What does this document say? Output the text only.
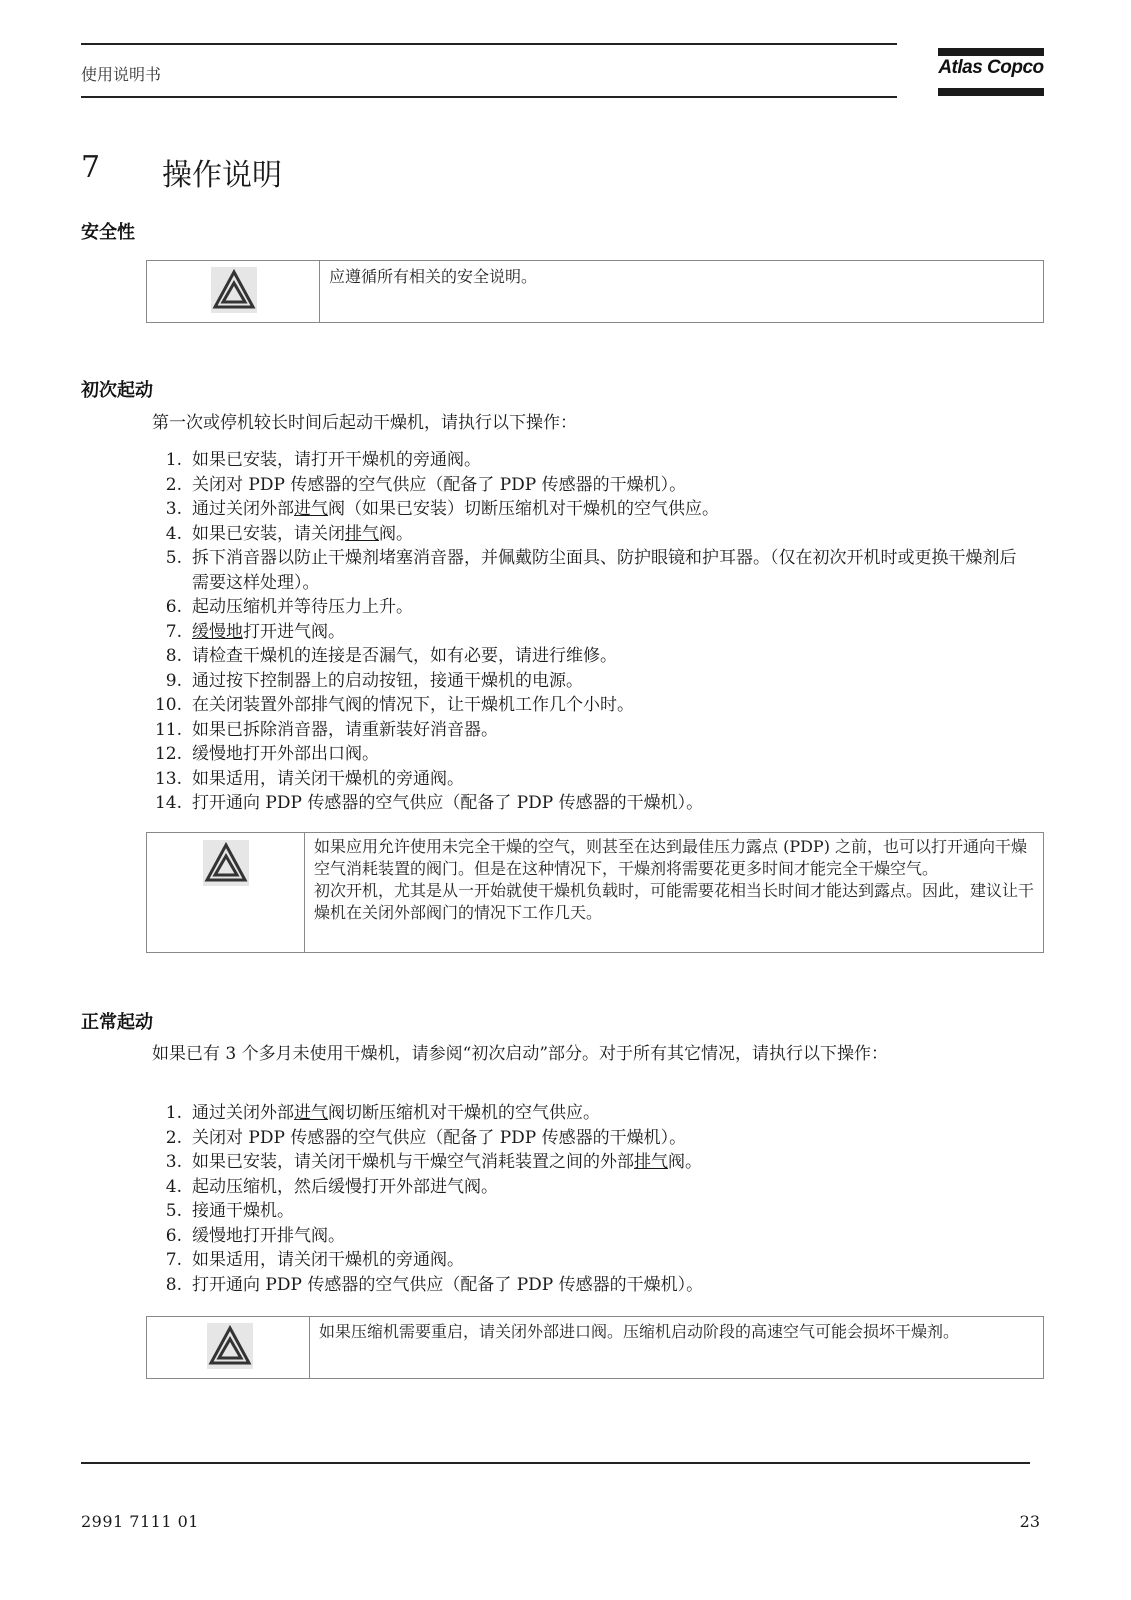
使用说明书	Atlas Copco
7 操作说明
安全性
应遵循所有相关的安全说明。
初次起动
第一次或停机较长时间后起动干燥机，请执行以下操作：
1. 如果已安装，请打开干燥机的旁通阀。
2. 关闭对 PDP 传感器的空气供应（配备了 PDP 传感器的干燥机）。
3. 通过关闭外部进气阀（如果已安装）切断压缩机对干燥机的空气供应。
4. 如果已安装，请关闭排气阀。
5. 拆下消音器以防止干燥剂堵塞消音器，并佩戴防尘面具、防护眼镜和护耳器。（仅在初次开机时或更换干燥剂后需要这样处理）。
6. 起动压缩机并等待压力上升。
7. 缓慢地打开进气阀。
8. 请检查干燥机的连接是否漏气，如有必要，请进行维修。
9. 通过按下控制器上的启动按钮，接通干燥机的电源。
10. 在关闭装置外部排气阀的情况下，让干燥机工作几个小时。
11. 如果已拆除消音器，请重新装好消音器。
12. 缓慢地打开外部出口阀。
13. 如果适用，请关闭干燥机的旁通阀。
14. 打开通向 PDP 传感器的空气供应（配备了 PDP 传感器的干燥机）。
如果应用允许使用未完全干燥的空气，则甚至在达到最佳压力露点 (PDP) 之前，也可以打开通向干燥空气消耗装置的阀门。但是在这种情况下，干燥剂将需要花更多时间才能完全干燥空气。
初次开机，尤其是从一开始就使干燥机负载时，可能需要花相当长时间才能达到露点。因此，建议让干燥机在关闭外部阀门的情况下工作几天。
正常起动
如果已有 3 个多月未使用干燥机，请参阅“初次启动”部分。对于所有其它情况，请执行以下操作：
1. 通过关闭外部进气阀切断压缩机对干燥机的空气供应。
2. 关闭对 PDP 传感器的空气供应（配备了 PDP 传感器的干燥机）。
3. 如果已安装，请关闭干燥机与干燥空气消耗装置之间的外部排气阀。
4. 起动压缩机，然后缓慢打开外部进气阀。
5. 接通干燥机。
6. 缓慢地打开排气阀。
7. 如果适用，请关闭干燥机的旁通阀。
8. 打开通向 PDP 传感器的空气供应（配备了 PDP 传感器的干燥机）。
如果压缩机需要重启，请关闭外部进口阀。压缩机启动阶段的高速空气可能会损坏干燥剂。
2991 7111 01	23
